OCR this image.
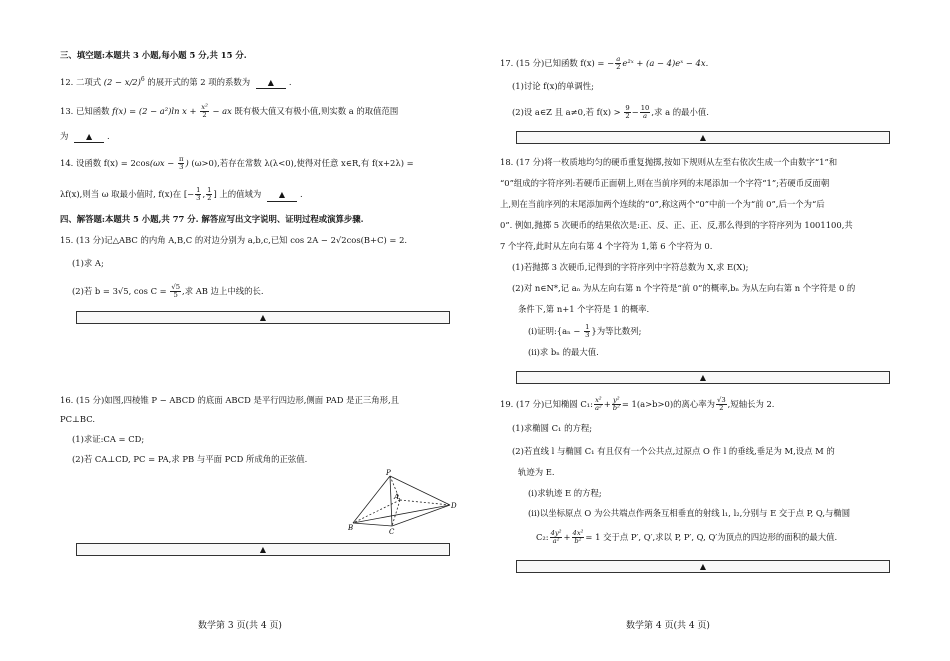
三、填空题:本题共 3 小题,每小题 5 分,共 15 分.
12. 二项式 $(2 - x/2)^6$ 的展开式的第 2 项的系数为 ▲ .
13. 已知函数 f(x) = (2 − a²)ln $x + \frac{\text{x²}}{2}$ − ax 既有极大值又有极小值,则实数 a 的取值范围
为 ▲ .
14. 设函数 $f(x) = 2\cos(\omega x - \frac{\pi}{3}$ ) (ω>0),若存在常数 λ(λ<0),使得对任意 x∈R,有 f(x+2λ) =
λf(x),则当 ω 取最小值时, f(x)在 [− $\frac{1}{3}$ , $\frac{1}{2}$ ] 上的值域为 ▲ .
四、解答题:本题共 5 小题,共 77 分. 解答应写出文字说明、证明过程或演算步骤.
15. (13 分)记△ABC 的内角 A,B,C 的对边分别为 a,b,c,已知 cos 2A − 2√2cos(B+C) = 2.
(1)求 A;
(2)若 b = 3√5, $\cos C = \frac{√5}{5}$ ,求 AB 边上中线的长.
▲
16. (15 分)如图,四棱锥 P − ABCD 的底面 ABCD 是平行四边形,侧面 PAD 是正三角形,且
PC⊥BC.
(1)求证:CA = CD;
(2)若 CA⊥CD, PC = PA,求 PB 与平面 PCD 所成角的正弦值.
P
A
B	C
D
▲
数学第 3 页(共 4 页)
17. (15 分)已知函数 f(x) = − $\frac{a}{2}$ e²ˣ + (a − 4)eˣ − 4x.
(1)讨论 f(x)的单调性;
(2)设 a∈Z 且 a≠0,若 $f(x) > \frac{9}{2} - \frac{10}{a}$ ,求 a 的最小值.
▲
18. (17 分)将一枚质地均匀的硬币重复抛掷,按如下规则从左至右依次生成一个由数字“1”和
“0”组成的字符序列:若硬币正面朝上,则在当前序列的末尾添加一个字符“1”;若硬币反面朝
上,则在当前序列的末尾添加两个连续的“0”,称这两个“0”中前一个为“前 0”,后一个为“后
0”. 例如,抛掷 5 次硬币的结果依次是:正、反、正、正、反,那么得到的字符序列为 1001100,共
7 个字符,此时从左向右第 4 个字符为 1,第 6 个字符为 0.
(1)若抛掷 3 次硬币,记得到的字符序列中字符总数为 X,求 E(X);
(2)对 n∈N*,记 aₙ 为从左向右第 n 个字符是“前 0”的概率,bₙ 为从左向右第 n 个字符是 0 的
条件下,第 n+1 个字符是 1 的概率.
(i)证明:{aₙ − $\frac{1}{3}$ }为等比数列;
(ii)求 bₙ 的最大值.
▲
19. (17 分)已知椭圆 C₁: $\frac{\text{x²}}{\text{a²}} + \frac{\text{y²}}{\text{b²}} = 1(a>b>0)$的离心率为 $\frac{√3}{2}$ ,短轴长为 2.
(1)求椭圆 C₁ 的方程;
(2)若直线 l 与椭圆 C₁ 有且仅有一个公共点,过原点 O 作 l 的垂线,垂足为 M,设点 M 的
轨迹为 E.
(i)求轨迹 E 的方程;
(ii)以坐标原点 O 为公共端点作两条互相垂直的射线 l₁, l₂,分别与 E 交于点 P, Q,与椭圆
C₂: $\frac{\text{4y²}}{\text{a²}} + \frac{\text{4x²}}{\text{b²}} = 1$ 交于点 P′, Q′,求以 P, P′, Q, Q′为顶点的四边形的面积的最大值.
▲
数学第 4 页(共 4 页)
